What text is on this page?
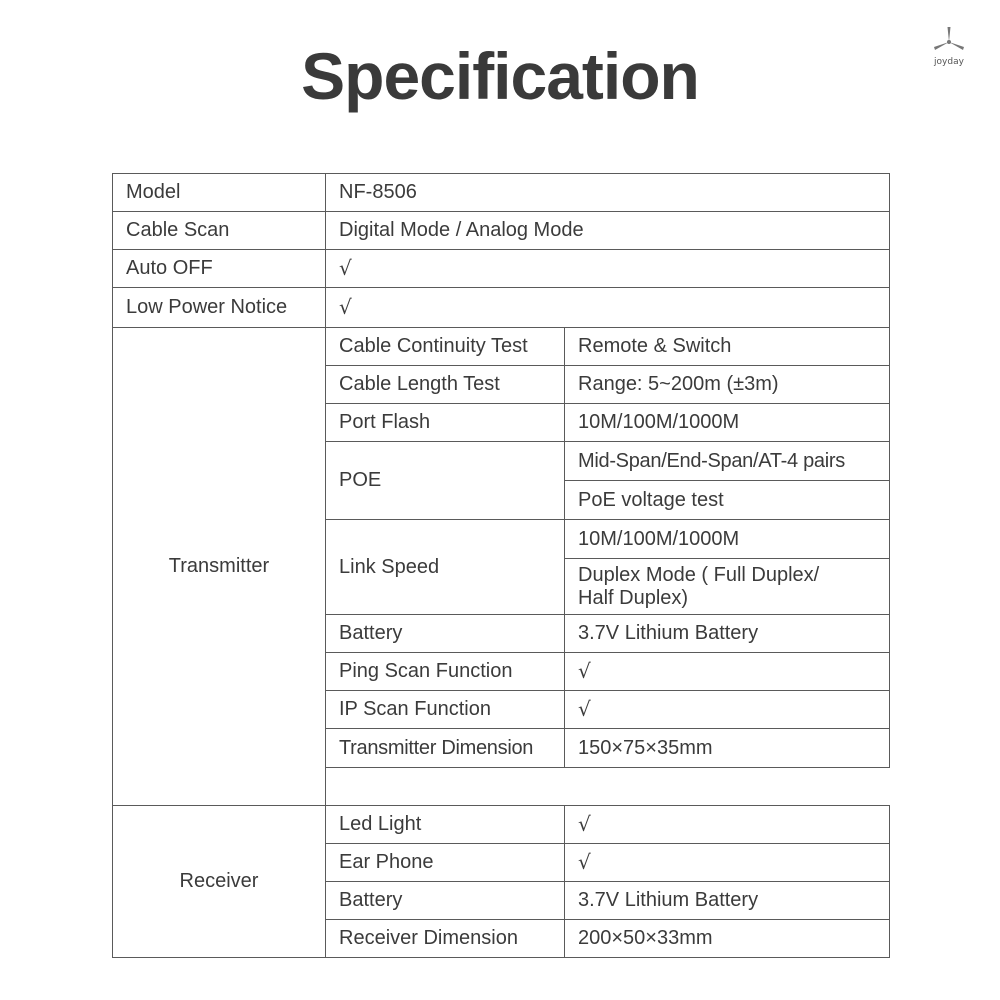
Specification	joyday
Model	NF-8506	
Cable Scan	Digital Mode / Analog Mode	
Auto OFF	√	
Low Power Notice	√	
Transmitter	Cable Continuity Test	Remote & Switch
	Cable Length Test	Range: 5~200m (±3m)
	Port Flash	10M/100M/1000M
	POE	Mid-Span/End-Span/AT-4 pairs
		PoE voltage test
	Link Speed	10M/100M/1000M
		Duplex Mode ( Full Duplex/
Half Duplex)
	Battery	3.7V Lithium Battery
	Ping Scan Function	√
	IP Scan Function	√
	Transmitter Dimension	150×75×35mm

Receiver	Led Light	√
	Ear Phone	√
	Battery	3.7V Lithium Battery
	Receiver Dimension	200×50×33mm
